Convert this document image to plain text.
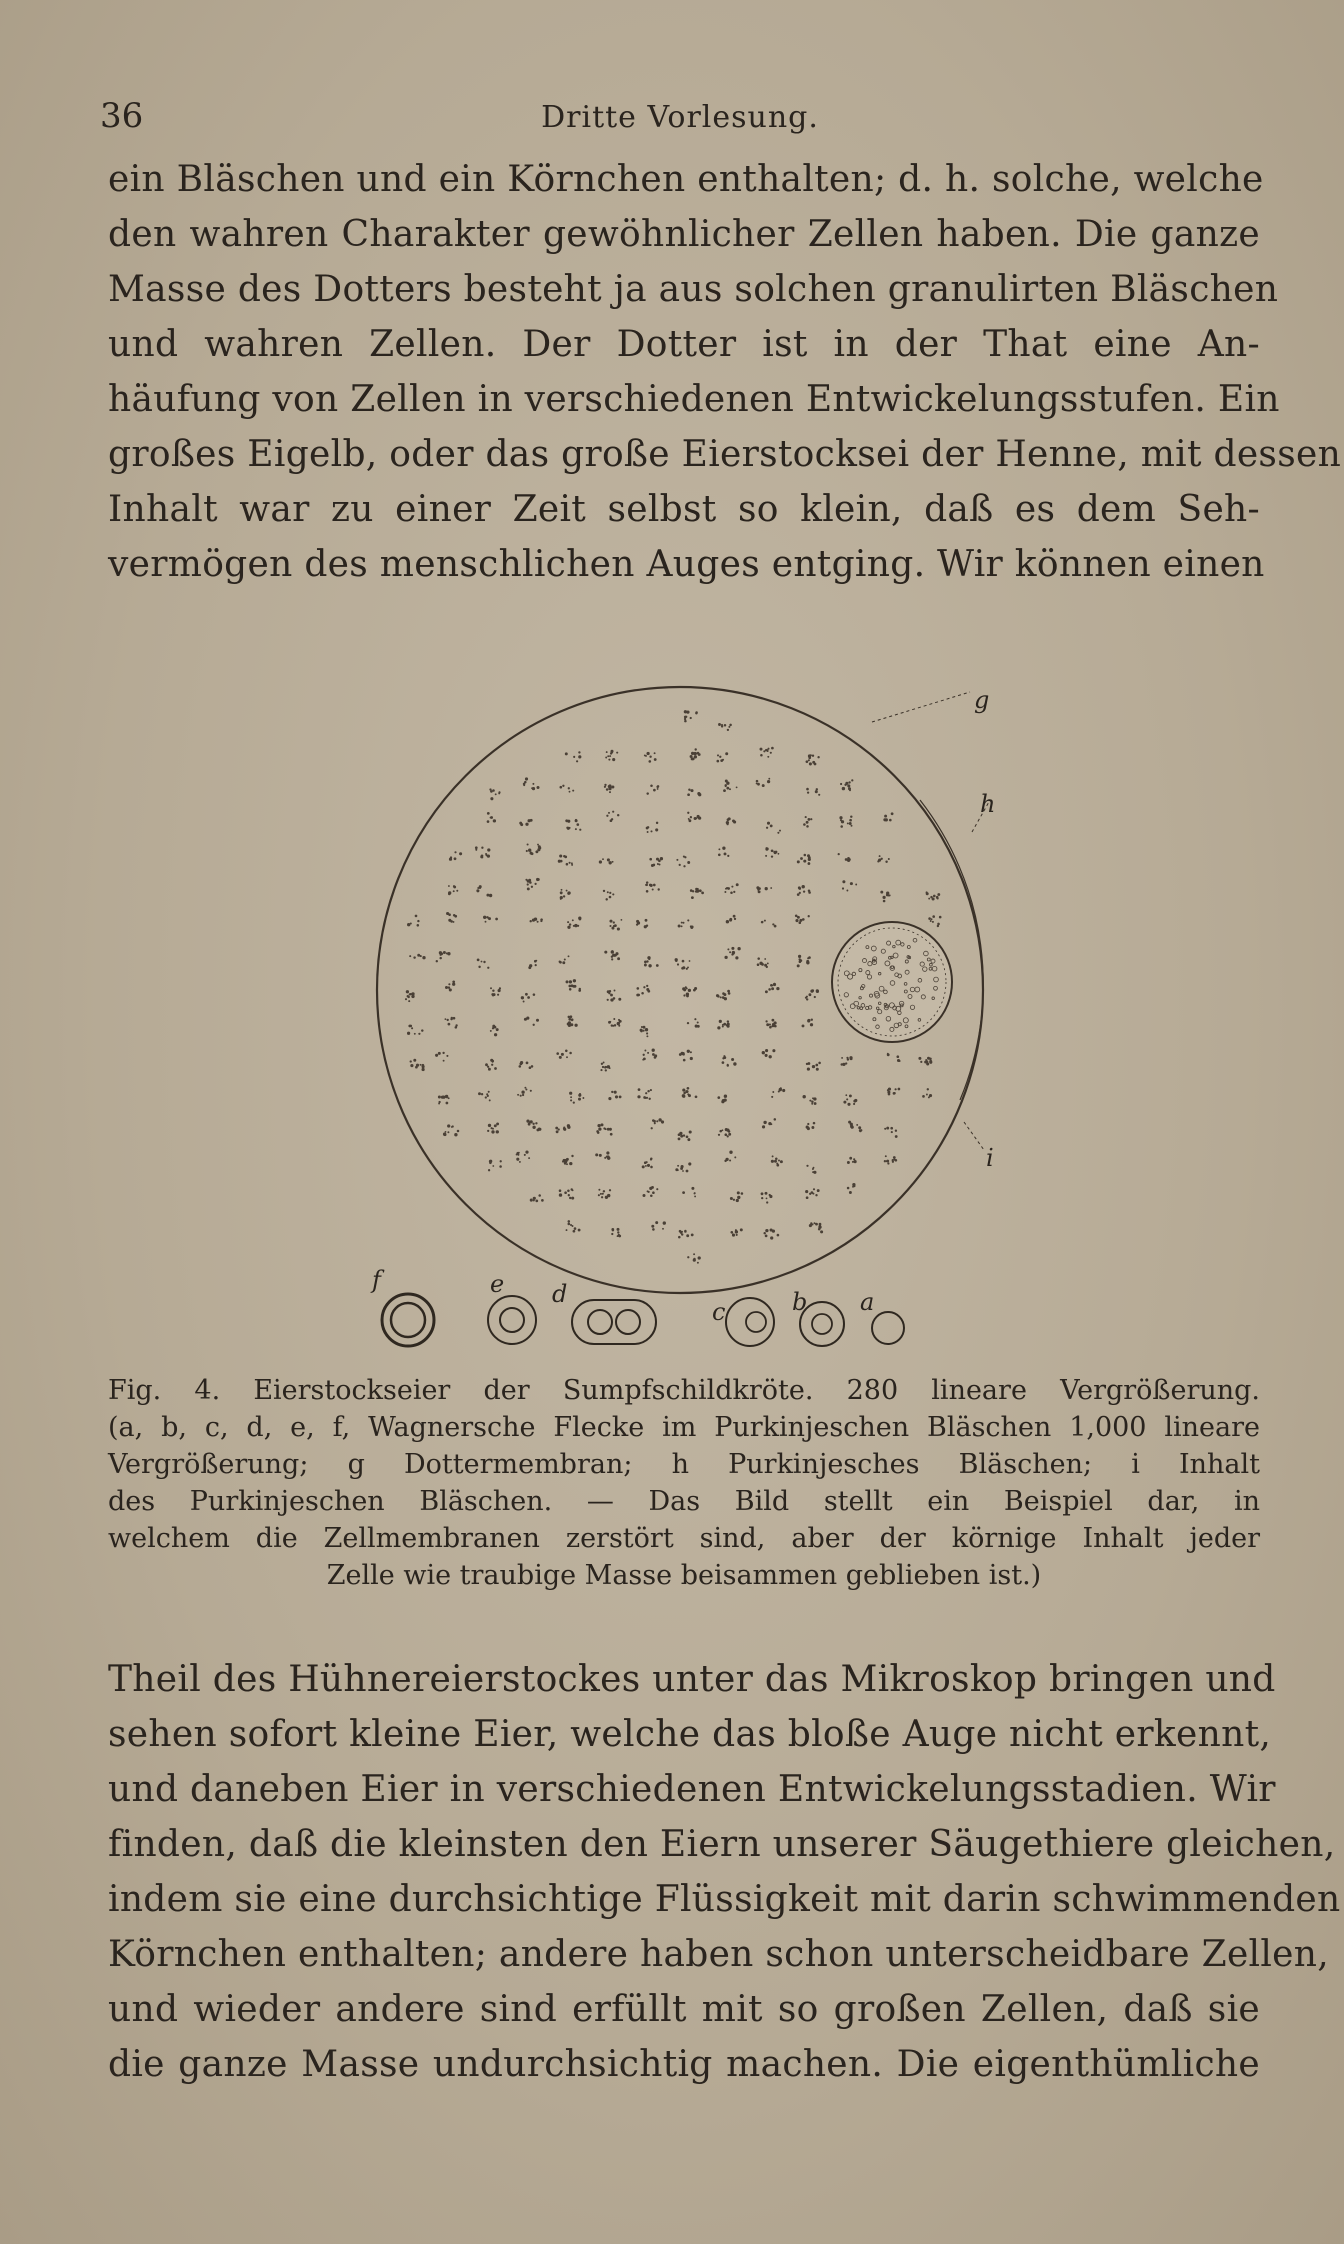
36	Dritte Vorlesung.
ein Bläschen und ein Körnchen enthalten; d. h. solche, welche
den wahren Charakter gewöhnlicher Zellen haben. Die ganze
Masse des Dotters besteht ja aus solchen granulirten Bläschen
und wahren Zellen. Der Dotter ist in der That eine An-
häufung von Zellen in verschiedenen Entwickelungsstufen. Ein
großes Eigelb, oder das große Eierstocksei der Henne, mit dessen
Inhalt war zu einer Zeit selbst so klein, daß es dem Seh-
vermögen des menschlichen Auges entging. Wir können einen
g
h
i
f	e d
c	b a
Fig. 4. Eierstockseier der Sumpfschildkröte. 280 lineare Vergrößerung.
(a, b, c, d, e, f, Wagnersche Flecke im Purkinjeschen Bläschen 1,000 lineare
Vergrößerung; g Dottermembran; h Purkinjesches Bläschen; i Inhalt
des Purkinjeschen Bläschen. — Das Bild stellt ein Beispiel dar, in
welchem die Zellmembranen zerstört sind, aber der körnige Inhalt jeder
Zelle wie traubige Masse beisammen geblieben ist.)
Theil des Hühnereierstockes unter das Mikroskop bringen und
sehen sofort kleine Eier, welche das bloße Auge nicht erkennt,
und daneben Eier in verschiedenen Entwickelungsstadien. Wir
finden, daß die kleinsten den Eiern unserer Säugethiere gleichen,
indem sie eine durchsichtige Flüssigkeit mit darin schwimmenden
Körnchen enthalten; andere haben schon unterscheidbare Zellen,
und wieder andere sind erfüllt mit so großen Zellen, daß sie
die ganze Masse undurchsichtig machen. Die eigenthümliche
